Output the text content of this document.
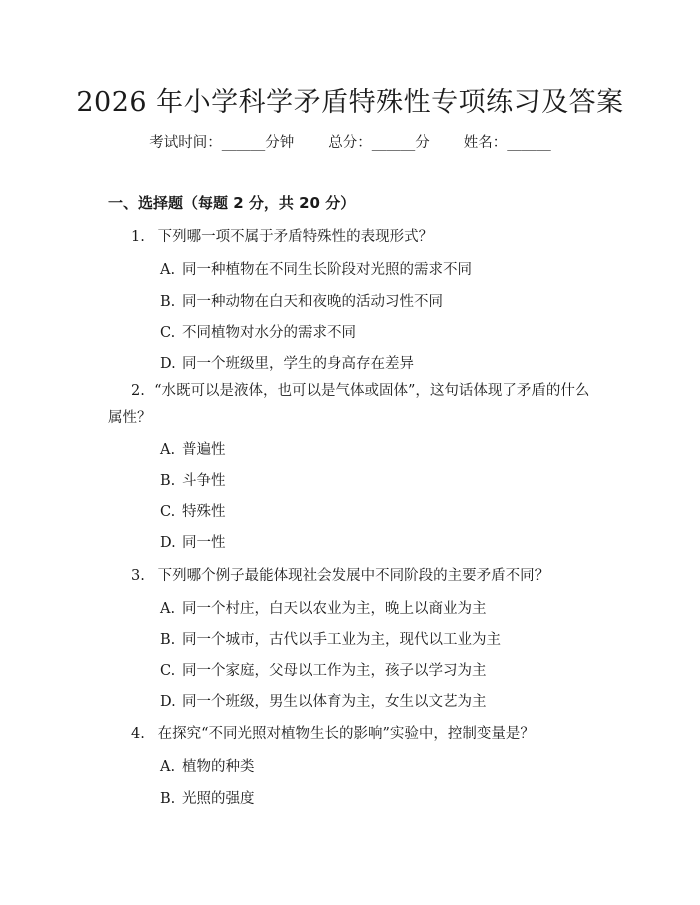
2026 年小学科学矛盾特殊性专项练习及答案
考试时间：______分钟 总分：______分 姓名：______
一、选择题（每题 2 分，共 20 分）
1. 下列哪一项不属于矛盾特殊性的表现形式？
A. 同一种植物在不同生长阶段对光照的需求不同
B. 同一种动物在白天和夜晚的活动习性不同
C. 不同植物对水分的需求不同
D. 同一个班级里，学生的身高存在差异
2. “水既可以是液体，也可以是气体或固体”，这句话体现了矛盾的什么属性？
A. 普遍性
B. 斗争性
C. 特殊性
D. 同一性
3. 下列哪个例子最能体现社会发展中不同阶段的主要矛盾不同？
A. 同一个村庄，白天以农业为主，晚上以商业为主
B. 同一个城市，古代以手工业为主，现代以工业为主
C. 同一个家庭，父母以工作为主，孩子以学习为主
D. 同一个班级，男生以体育为主，女生以文艺为主
4. 在探究“不同光照对植物生长的影响”实验中，控制变量是？
A. 植物的种类
B. 光照的强度
